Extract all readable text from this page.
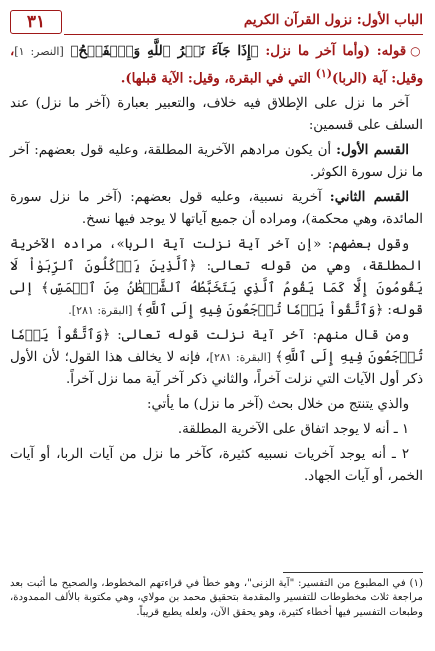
٣١	الباب الأول: نزول القرآن الكريم

○قوله: (وأما آخر ما نزل: ﴿إِذَا جَآءَ نَصۡرُ ٱللَّهِ وَٱلۡفَتۡحُ﴾ [النصر: ١]، وقيل: آية (الربا)$^{(١)}$ التي في البقرة، وقيل: الآية قبلها).

آخر ما نزل على الإطلاق فيه خلاف، والتعبير بعبارة (آخر ما نزل) عند السلف على قسمين:

القسم الأول: أن يكون مرادهم الآخرية المطلقة، وعليه قول بعضهم: آخر ما نزل سورة الكوثر.

القسم الثاني: آخرية نسبية، وعليه قول بعضهم: (آخر ما نزل سورة المائدة، وهي محكمة)، ومراده أن جميع آياتها لا يوجد فيها نسخ.

وقول بعضهم: «إن آخر آية نزلت آية الربا»، مراده الآخرية المطلقة، وهي من قوله تعالى: ﴿ٱلَّذِينَ يَأۡكُلُونَ ٱلرِّبَوٰاْ لَا يَقُومُونَ إِلَّا كَمَا يَقُومُ ٱلَّذِي يَتَخَبَّطُهُ ٱلشَّيۡطَٰنُ مِنَ ٱلۡمَسِّ﴾ إلى قوله: ﴿وَٱتَّقُواْ يَوۡمٗا تُرۡجَعُونَ فِيهِ إِلَى ٱللَّهِ﴾ [البقرة: ٢٨١].

ومن قال منهم: آخر آية نزلت قوله تعالى: ﴿وَٱتَّقُواْ يَوۡمٗا تُرۡجَعُونَ فِيهِ إِلَى ٱللَّهِ﴾ [البقرة: ٢٨١]، فإنه لا يخالف هذا القول؛ لأن الأول ذكر أول الآيات التي نزلت آخراً، والثاني ذكر آخر آية مما نزل آخراً.

والذي يتنتج من خلال بحث (آخر ما نزل) ما يأتي:

١ ـ أنه لا يوجد اتفاق على الآخرية المطلقة.

٢ ـ أنه يوجد آخريات نسبيه كثيرة، كآخر ما نزل من آيات الربا، أو آيات الخمر، أو آيات الجهاد.

(١) في المطبوع من التفسير: "آية الزنى"، وهو خطأ في قراءتهم المخطوط، والصحيح ما أثبت بعد مراجعة ثلاث مخطوطات للتفسير والمقدمة بتحقيق محمد بن مولاي، وهي مكتوبة بالألف الممدودة، وطبعات التفسير فيها أخطاء كثيرة، وهو يحقق الآن، ولعله يطبع قريباً.
